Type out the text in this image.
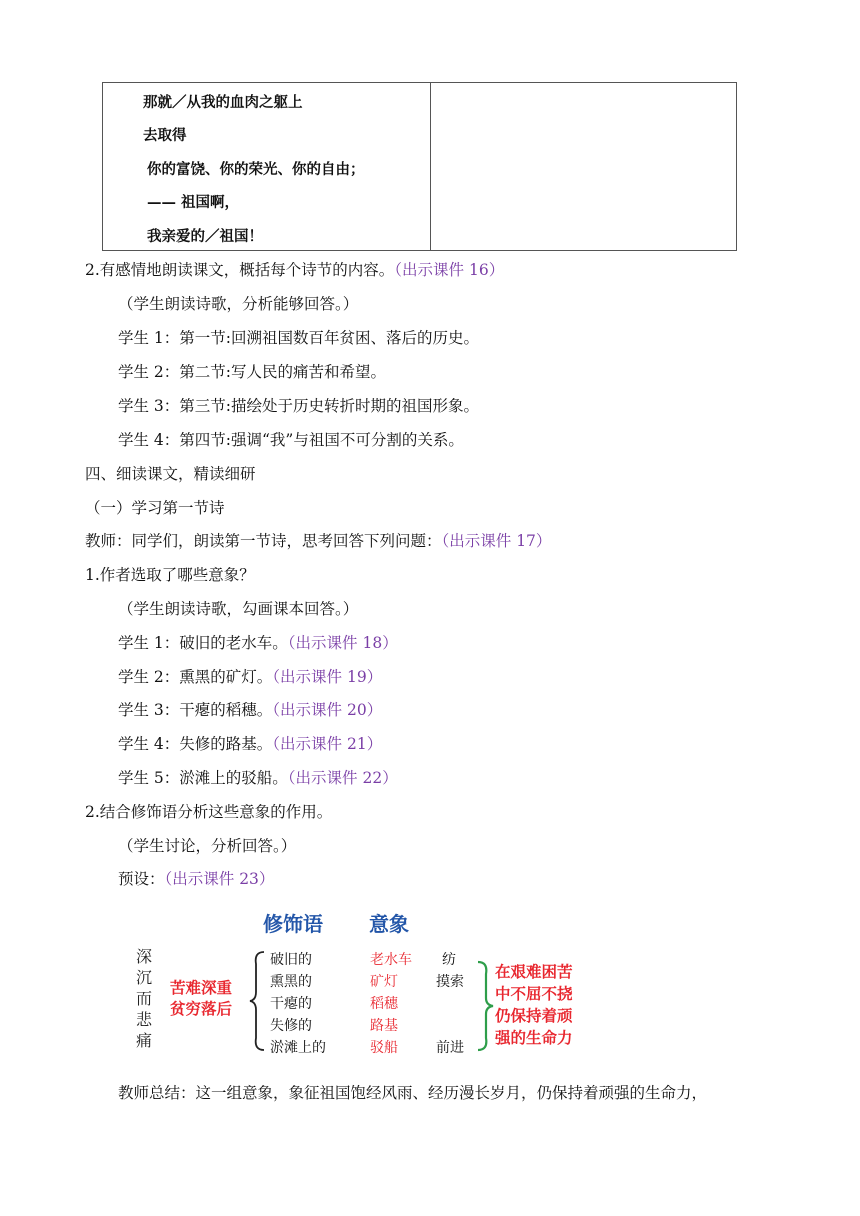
那就／从我的血肉之躯上
去取得
你的富饶、你的荣光、你的自由；
—— 祖国啊，
我亲爱的／祖国！
2.有感情地朗读课文，概括每个诗节的内容。（出示课件 16）
（学生朗读诗歌，分析能够回答。）
学生 1：第一节:回溯祖国数百年贫困、落后的历史。
学生 2：第二节:写人民的痛苦和希望。
学生 3：第三节:描绘处于历史转折时期的祖国形象。
学生 4：第四节:强调“我”与祖国不可分割的关系。
四、细读课文，精读细研
（一）学习第一节诗
教师：同学们，朗读第一节诗，思考回答下列问题：（出示课件 17）
1.作者选取了哪些意象？
（学生朗读诗歌，勾画课本回答。）
学生 1：破旧的老水车。（出示课件 18）
学生 2：熏黑的矿灯。（出示课件 19）
学生 3：干瘪的稻穗。（出示课件 20）
学生 4：失修的路基。（出示课件 21）
学生 5：淤滩上的驳船。（出示课件 22）
2.结合修饰语分析这些意象的作用。
（学生讨论，分析回答。）
预设：（出示课件 23）
修饰语 意象
深沉而悲痛
苦难深重
贫穷落后
破旧的
熏黑的
干瘪的
失修的
淤滩上的
老水车
矿灯
稻穗
路基
驳船
纺
摸索
前进
在艰难困苦
中不屈不挠
仍保持着顽
强的生命力
教师总结：这一组意象，象征祖国饱经风雨、经历漫长岁月，仍保持着顽强的生命力，
